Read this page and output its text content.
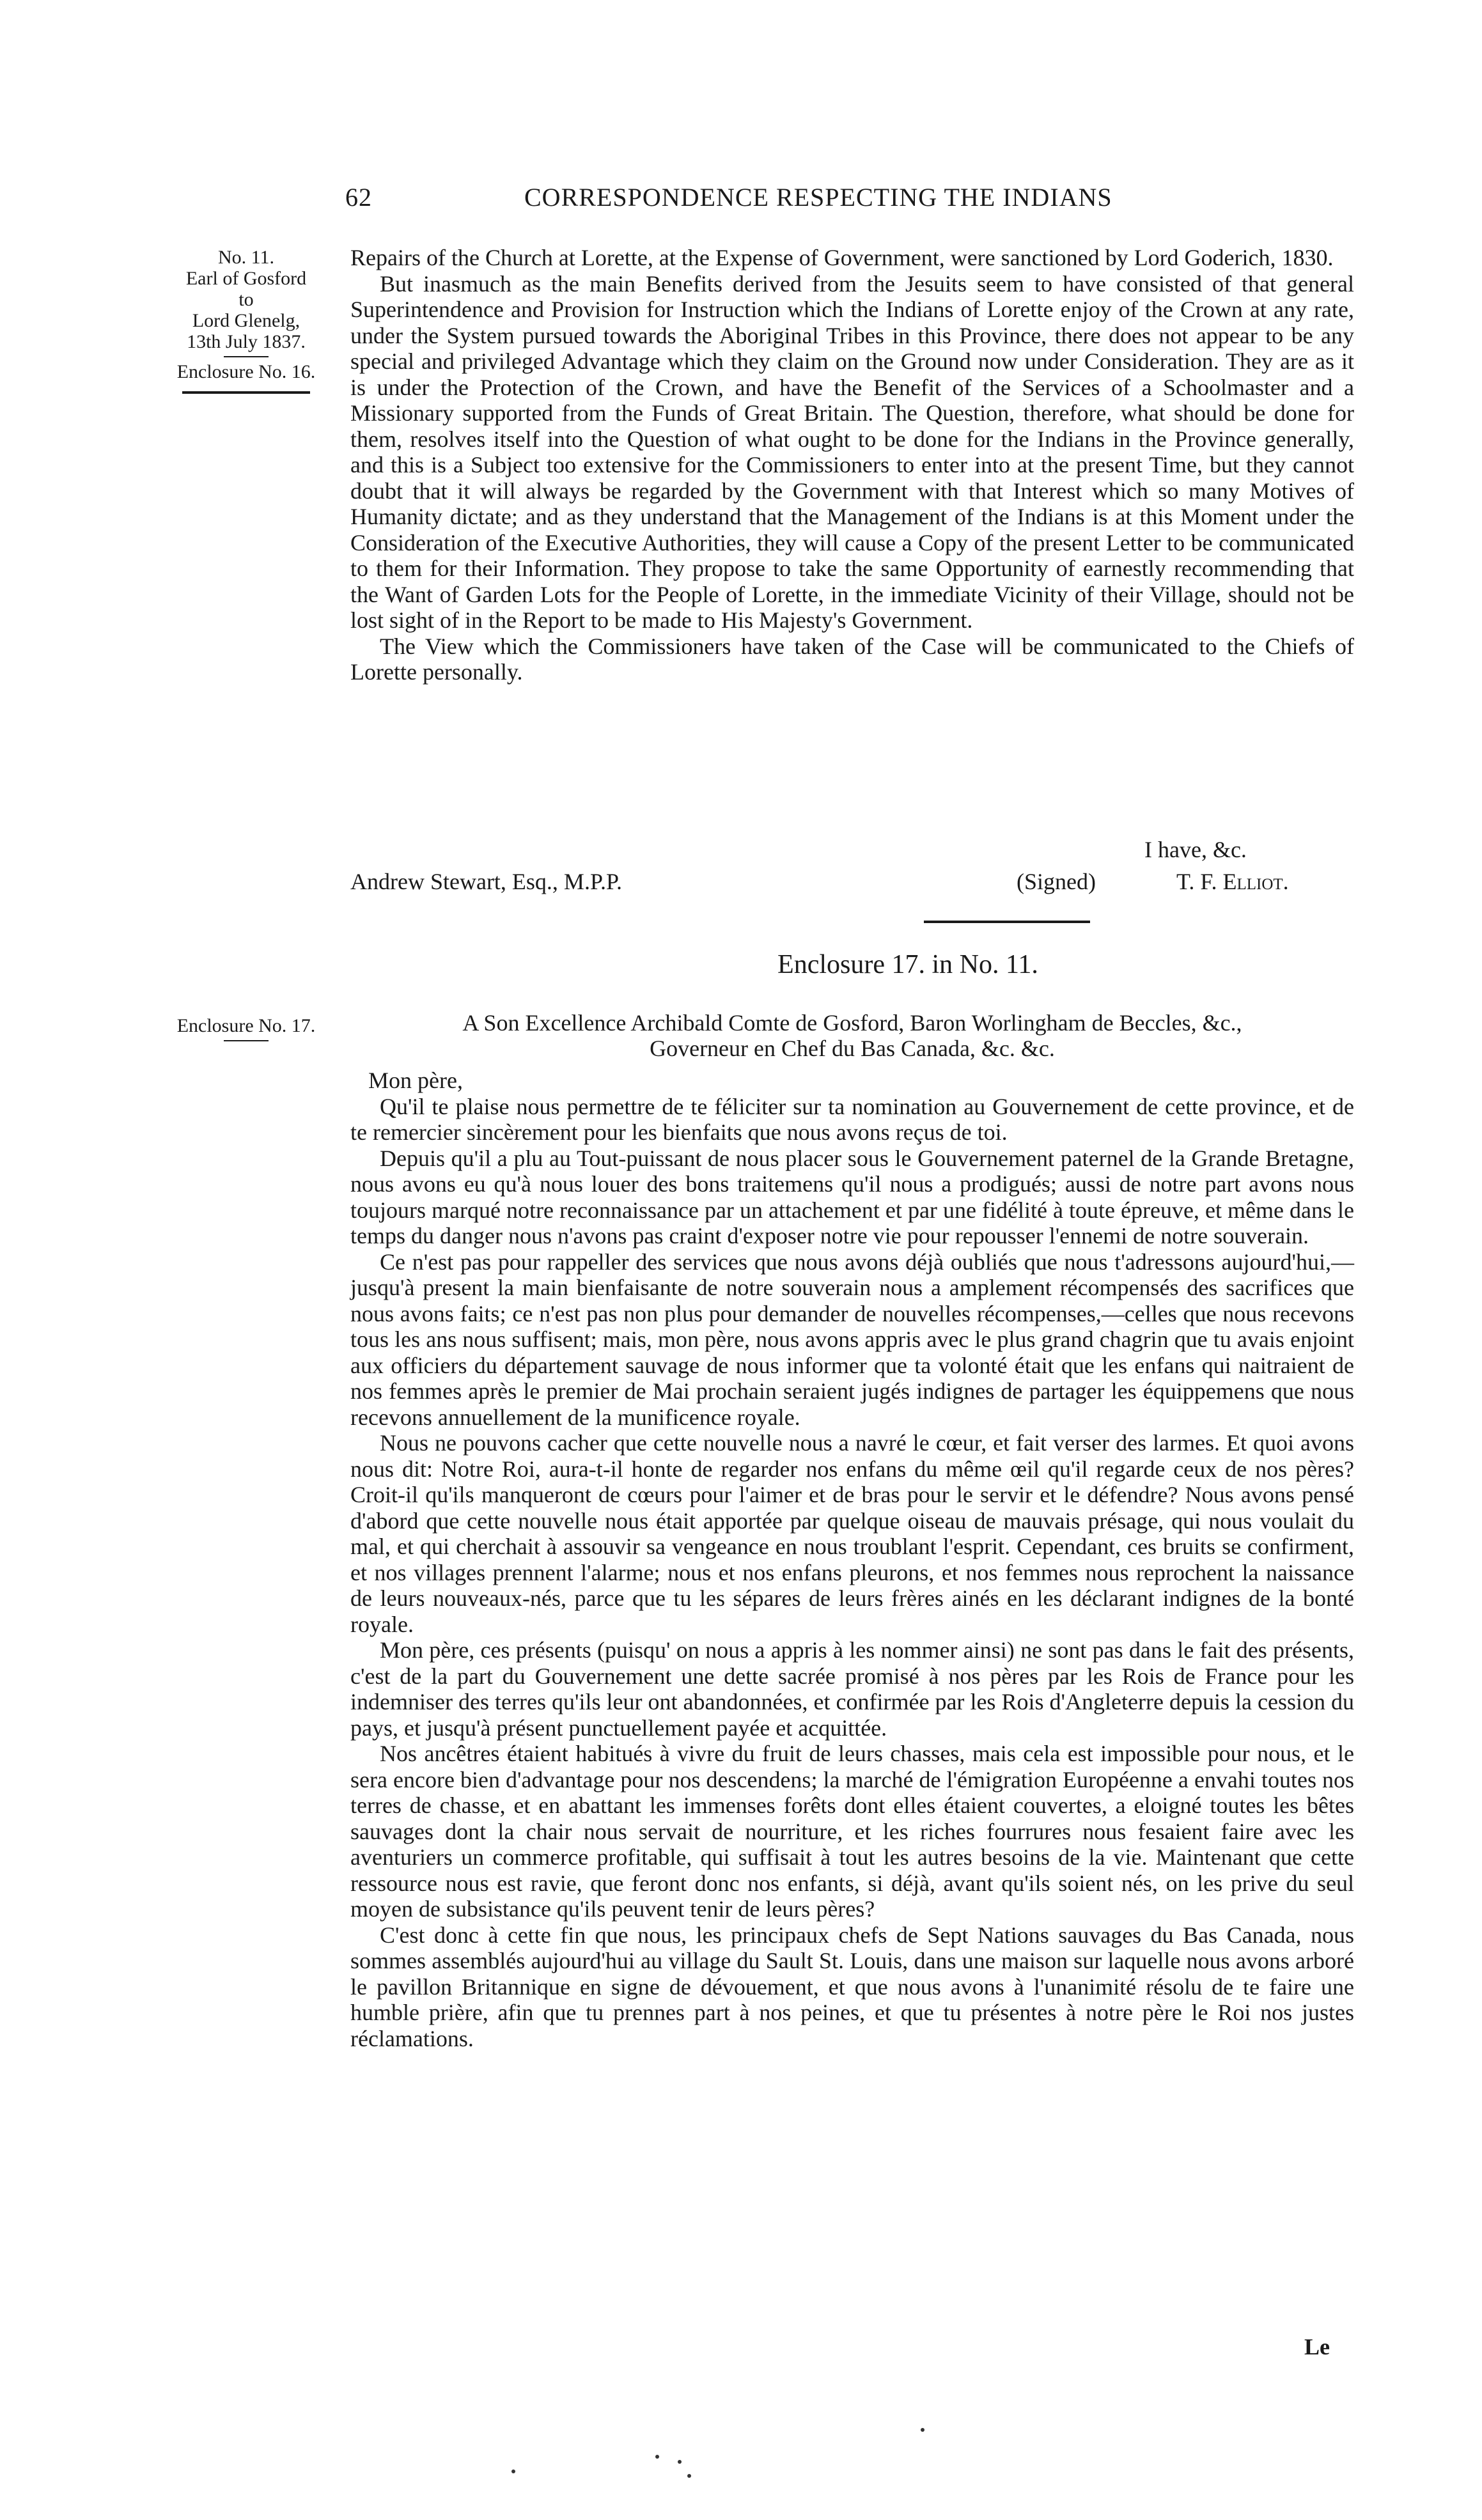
62	CORRESPONDENCE RESPECTING THE INDIANS
No. 11.
Earl of Gosford
to
Lord Glenelg,
13th July 1837.
Enclosure No. 16.

Repairs of the Church at Lorette, at the Expense of Government, were sanctioned by Lord Goderich, 1830.

But inasmuch as the main Benefits derived from the Jesuits seem to have consisted of that general Superintendence and Provision for Instruction which the Indians of Lorette enjoy of the Crown at any rate, under the System pursued towards the Aboriginal Tribes in this Province, there does not appear to be any special and privileged Advantage which they claim on the Ground now under Consideration. They are as it is under the Protection of the Crown, and have the Benefit of the Services of a Schoolmaster and a Missionary supported from the Funds of Great Britain. The Question, therefore, what should be done for them, resolves itself into the Question of what ought to be done for the Indians in the Province generally, and this is a Subject too extensive for the Commissioners to enter into at the present Time, but they cannot doubt that it will always be regarded by the Government with that Interest which so many Motives of Humanity dictate; and as they understand that the Management of the Indians is at this Moment under the Consideration of the Executive Authorities, they will cause a Copy of the present Letter to be communicated to them for their Information. They propose to take the same Opportunity of earnestly recommending that the Want of Garden Lots for the People of Lorette, in the immediate Vicinity of their Village, should not be lost sight of in the Report to be made to His Majesty's Government.

The View which the Commissioners have taken of the Case will be communicated to the Chiefs of Lorette personally.

I have, &c.
Andrew Stewart, Esq., M.P.P.	(Signed)	T. F. Elliot.
Enclosure 17. in No. 11.
Enclosure No. 17.	A Son Excellence Archibald Comte de Gosford, Baron Worlingham de Beccles, &c.,
Governeur en Chef du Bas Canada, &c. &c.

Mon père,

Qu'il te plaise nous permettre de te féliciter sur ta nomination au Gouvernement de cette province, et de te remercier sincèrement pour les bienfaits que nous avons reçus de toi.

Depuis qu'il a plu au Tout-puissant de nous placer sous le Gouvernement paternel de la Grande Bretagne, nous avons eu qu'à nous louer des bons traitemens qu'il nous a prodigués; aussi de notre part avons nous toujours marqué notre reconnaissance par un attachement et par une fidélité à toute épreuve, et même dans le temps du danger nous n'avons pas craint d'exposer notre vie pour repousser l'ennemi de notre souverain.

Ce n'est pas pour rappeller des services que nous avons déjà oubliés que nous t'adressons aujourd'hui,—jusqu'à present la main bienfaisante de notre souverain nous a amplement récompensés des sacrifices que nous avons faits; ce n'est pas non plus pour demander de nouvelles récompenses,—celles que nous recevons tous les ans nous suffisent; mais, mon père, nous avons appris avec le plus grand chagrin que tu avais enjoint aux officiers du département sauvage de nous informer que ta volonté était que les enfans qui naitraient de nos femmes après le premier de Mai prochain seraient jugés indignes de partager les équippemens que nous recevons annuellement de la munificence royale.

Nous ne pouvons cacher que cette nouvelle nous a navré le cœur, et fait verser des larmes. Et quoi avons nous dit: Notre Roi, aura-t-il honte de regarder nos enfans du même œil qu'il regarde ceux de nos pères? Croit-il qu'ils manqueront de cœurs pour l'aimer et de bras pour le servir et le défendre? Nous avons pensé d'abord que cette nouvelle nous était apportée par quelque oiseau de mauvais présage, qui nous voulait du mal, et qui cherchait à assouvir sa vengeance en nous troublant l'esprit. Cependant, ces bruits se confirment, et nos villages prennent l'alarme; nous et nos enfans pleurons, et nos femmes nous reprochent la naissance de leurs nouveaux-nés, parce que tu les sépares de leurs frères ainés en les déclarant indignes de la bonté royale.

Mon père, ces présents (puisqu' on nous a appris à les nommer ainsi) ne sont pas dans le fait des présents, c'est de la part du Gouvernement une dette sacrée promisé à nos pères par les Rois de France pour les indemniser des terres qu'ils leur ont abandonnées, et confirmée par les Rois d'Angleterre depuis la cession du pays, et jusqu'à présent punctuellement payée et acquittée.

Nos ancêtres étaient habitués à vivre du fruit de leurs chasses, mais cela est impossible pour nous, et le sera encore bien d'advantage pour nos descendens; la marché de l'émigration Européenne a envahi toutes nos terres de chasse, et en abattant les immenses forêts dont elles étaient couvertes, a eloigné toutes les bêtes sauvages dont la chair nous servait de nourriture, et les riches fourrures nous fesaient faire avec les aventuriers un commerce profitable, qui suffisait à tout les autres besoins de la vie. Maintenant que cette ressource nous est ravie, que feront donc nos enfants, si déjà, avant qu'ils soient nés, on les prive du seul moyen de subsistance qu'ils peuvent tenir de leurs pères?

C'est donc à cette fin que nous, les principaux chefs de Sept Nations sauvages du Bas Canada, nous sommes assemblés aujourd'hui au village du Sault St. Louis, dans une maison sur laquelle nous avons arboré le pavillon Britannique en signe de dévouement, et que nous avons à l'unanimité résolu de te faire une humble prière, afin que tu prennes part à nos peines, et que tu présentes à notre père le Roi nos justes réclamations.

Le
